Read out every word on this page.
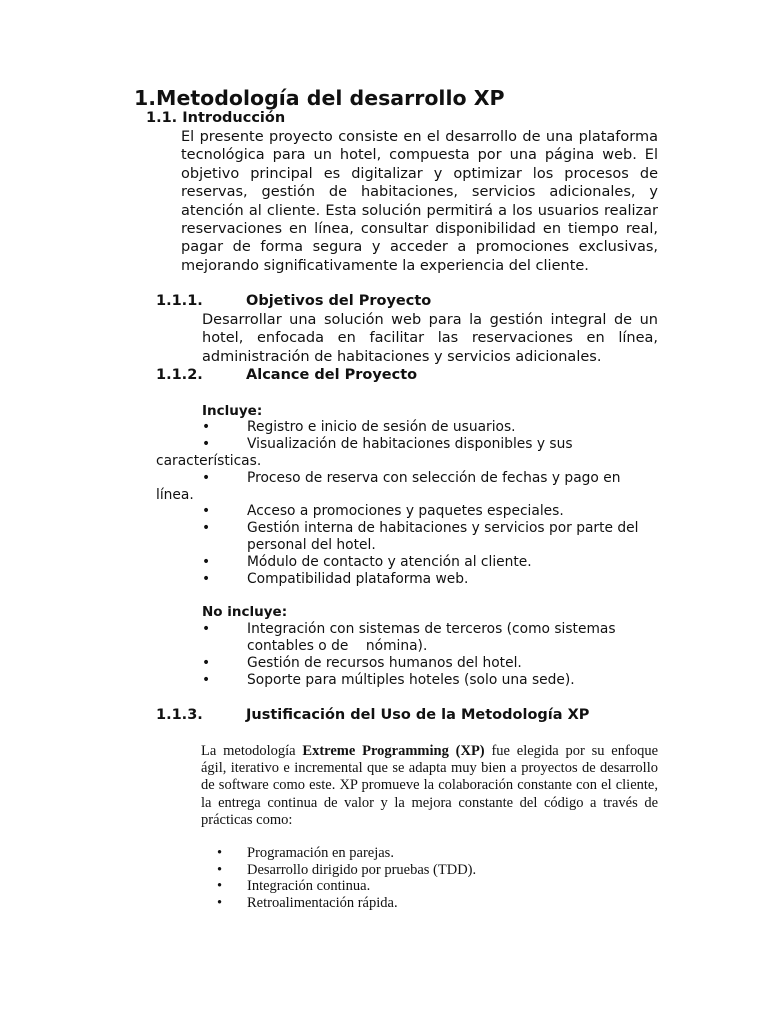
1.Metodología del desarrollo XP
1.1. Introducción
El presente proyecto consiste en el desarrollo de una plataforma tecnológica para un hotel, compuesta por una página web. El objetivo principal es digitalizar y optimizar los procesos de reservas, gestión de habitaciones, servicios adicionales, y atención al cliente. Esta solución permitirá a los usuarios realizar reservaciones en línea, consultar disponibilidad en tiempo real, pagar de forma segura y acceder a promociones exclusivas, mejorando significativamente la experiencia del cliente.
1.1.1.	Objetivos del Proyecto
Desarrollar una solución web para la gestión integral de un hotel, enfocada en facilitar las reservaciones en línea, administración de habitaciones y servicios adicionales.
1.1.2.	Alcance del Proyecto
Incluye:
•	Registro e inicio de sesión de usuarios.
•	Visualización de habitaciones disponibles y sus
características.
•	Proceso de reserva con selección de fechas y pago en
línea.
•	Acceso a promociones y paquetes especiales.
•	Gestión interna de habitaciones y servicios por parte del
personal del hotel.
•	Módulo de contacto y atención al cliente.
•	Compatibilidad plataforma web.
No incluye:
•	Integración con sistemas de terceros (como sistemas
contables o de    nómina).
•	Gestión de recursos humanos del hotel.
•	Soporte para múltiples hoteles (solo una sede).
1.1.3.	Justificación del Uso de la Metodología XP
La metodología Extreme Programming (XP) fue elegida por su enfoque ágil, iterativo e incremental que se adapta muy bien a proyectos de desarrollo de software como este. XP promueve la colaboración constante con el cliente, la entrega continua de valor y la mejora constante del código a través de prácticas como:
• Programación en parejas.
• Desarrollo dirigido por pruebas (TDD).
• Integración continua.
• Retroalimentación rápida.
